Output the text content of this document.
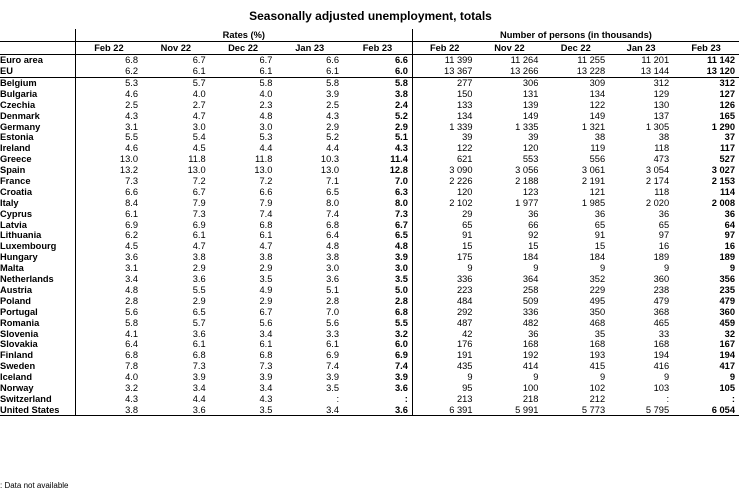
Seasonally adjusted unemployment, totals
	Rates (%)					Number of persons (in thousands)				
	Feb 22	Nov 22	Dec 22	Jan 23	Feb 23	Feb 22	Nov 22	Dec 22	Jan 23	Feb 23
Euro area	6.8	6.7	6.7	6.6	6.6	11 399	11 264	11 255	11 201	11 142
EU	6.2	6.1	6.1	6.1	6.0	13 367	13 266	13 228	13 144	13 120
Belgium	5.3	5.7	5.8	5.8	5.8	277	306	309	312	312
Bulgaria	4.6	4.0	4.0	3.9	3.8	150	131	134	129	127
Czechia	2.5	2.7	2.3	2.5	2.4	133	139	122	130	126
Denmark	4.3	4.7	4.8	4.3	5.2	134	149	149	137	165
Germany	3.1	3.0	3.0	2.9	2.9	1 339	1 335	1 321	1 305	1 290
Estonia	5.5	5.4	5.3	5.2	5.1	39	39	38	38	37
Ireland	4.6	4.5	4.4	4.4	4.3	122	120	119	118	117
Greece	13.0	11.8	11.8	10.3	11.4	621	553	556	473	527
Spain	13.2	13.0	13.0	13.0	12.8	3 090	3 056	3 061	3 054	3 027
France	7.3	7.2	7.2	7.1	7.0	2 226	2 188	2 191	2 174	2 153
Croatia	6.6	6.7	6.6	6.5	6.3	120	123	121	118	114
Italy	8.4	7.9	7.9	8.0	8.0	2 102	1 977	1 985	2 020	2 008
Cyprus	6.1	7.3	7.4	7.4	7.3	29	36	36	36	36
Latvia	6.9	6.9	6.8	6.8	6.7	65	66	65	65	64
Lithuania	6.2	6.1	6.1	6.4	6.5	91	92	91	97	97
Luxembourg	4.5	4.7	4.7	4.8	4.8	15	15	15	16	16
Hungary	3.6	3.8	3.8	3.8	3.9	175	184	184	189	189
Malta	3.1	2.9	2.9	3.0	3.0	9	9	9	9	9
Netherlands	3.4	3.6	3.5	3.6	3.5	336	364	352	360	356
Austria	4.8	5.5	4.9	5.1	5.0	223	258	229	238	235
Poland	2.8	2.9	2.9	2.8	2.8	484	509	495	479	479
Portugal	5.6	6.5	6.7	7.0	6.8	292	336	350	368	360
Romania	5.8	5.7	5.6	5.6	5.5	487	482	468	465	459
Slovenia	4.1	3.6	3.4	3.3	3.2	42	36	35	33	32
Slovakia	6.4	6.1	6.1	6.1	6.0	176	168	168	168	167
Finland	6.8	6.8	6.8	6.9	6.9	191	192	193	194	194
Sweden	7.8	7.3	7.3	7.4	7.4	435	414	415	416	417
Iceland	4.0	3.9	3.9	3.9	3.9	9	9	9	9	9
Norway	3.2	3.4	3.4	3.5	3.6	95	100	102	103	105
Switzerland	4.3	4.4	4.3	:	:	213	218	212	:	:
United States	3.8	3.6	3.5	3.4	3.6	6 391	5 991	5 773	5 795	6 054
: Data not available
